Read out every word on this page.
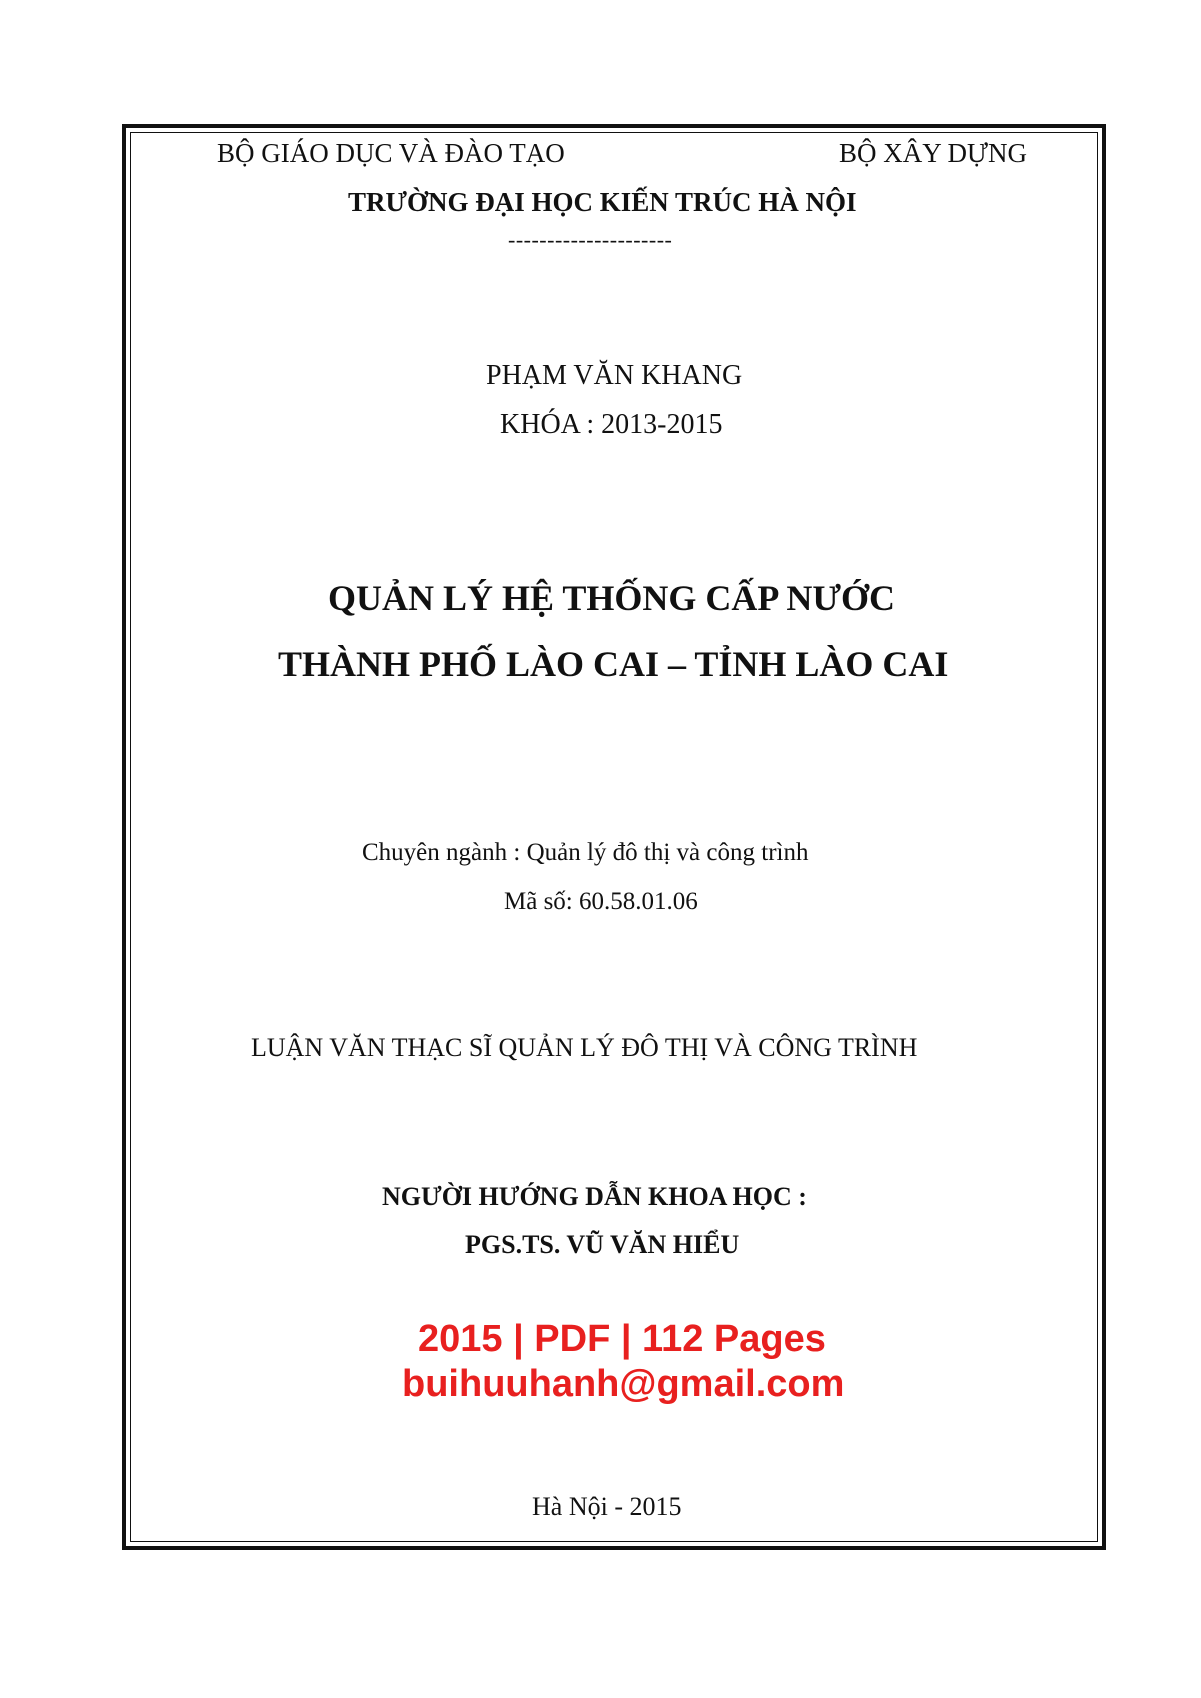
BỘ GIÁO DỤC VÀ ĐÀO TẠO	BỘ XÂY DỰNG
TRƯỜNG ĐẠI HỌC KIẾN TRÚC HÀ NỘI
---------------------
PHẠM VĂN KHANG
KHÓA : 2013-2015
QUẢN LÝ HỆ THỐNG CẤP NƯỚC
THÀNH PHỐ LÀO CAI – TỈNH LÀO CAI
Chuyên ngành : Quản lý đô thị và công trình
Mã số: 60.58.01.06
LUẬN VĂN THẠC SĨ QUẢN LÝ ĐÔ THỊ VÀ CÔNG TRÌNH
NGƯỜI HƯỚNG DẪN KHOA HỌC :
PGS.TS. VŨ VĂN HIỂU
2015 | PDF | 112 Pages
buihuuhanh@gmail.com
Hà Nội - 2015
